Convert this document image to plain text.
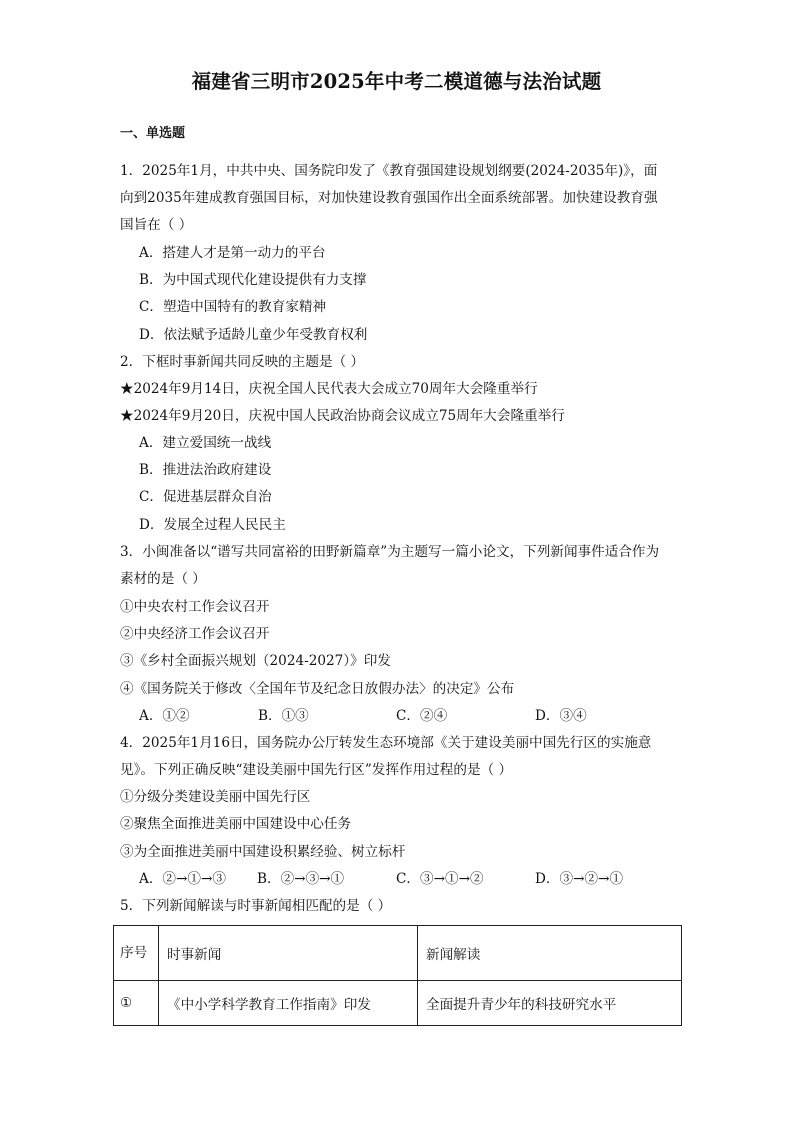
福建省三明市2025年中考二模道德与法治试题
一、单选题
1．2025年1月，中共中央、国务院印发了《教育强国建设规划纲要(2024-2035年)》，面
向到2035年建成教育强国目标，对加快建设教育强国作出全面系统部署。加快建设教育强
国旨在（ ）
A．搭建人才是第一动力的平台
B．为中国式现代化建设提供有力支撑
C．塑造中国特有的教育家精神
D．依法赋予适龄儿童少年受教育权利
2．下框时事新闻共同反映的主题是（ ）
★2024年9月14日，庆祝全国人民代表大会成立70周年大会隆重举行
★2024年9月20日，庆祝中国人民政治协商会议成立75周年大会隆重举行
A．建立爱国统一战线
B．推进法治政府建设
C．促进基层群众自治
D．发展全过程人民民主
3．小闽准备以“谱写共同富裕的田野新篇章”为主题写一篇小论文，下列新闻事件适合作为
素材的是（ ）
①中央农村工作会议召开
②中央经济工作会议召开
③《乡村全面振兴规划（2024-2027）》印发
④《国务院关于修改〈全国年节及纪念日放假办法〉的决定》公布
A．①②	B．①③	C．②④	D．③④
4．2025年1月16日，国务院办公厅转发生态环境部《关于建设美丽中国先行区的实施意
见》。下列正确反映“建设美丽中国先行区”发挥作用过程的是（ ）
①分级分类建设美丽中国先行区
②聚焦全面推进美丽中国建设中心任务
③为全面推进美丽中国建设积累经验、树立标杆
A．②→①→③ B．②→③→①	C．③→①→②	D．③→②→①
5．下列新闻解读与时事新闻相匹配的是（ ）
序号	时事新闻	新闻解读
①	《中小学科学教育工作指南》印发	全面提升青少年的科技研究水平
